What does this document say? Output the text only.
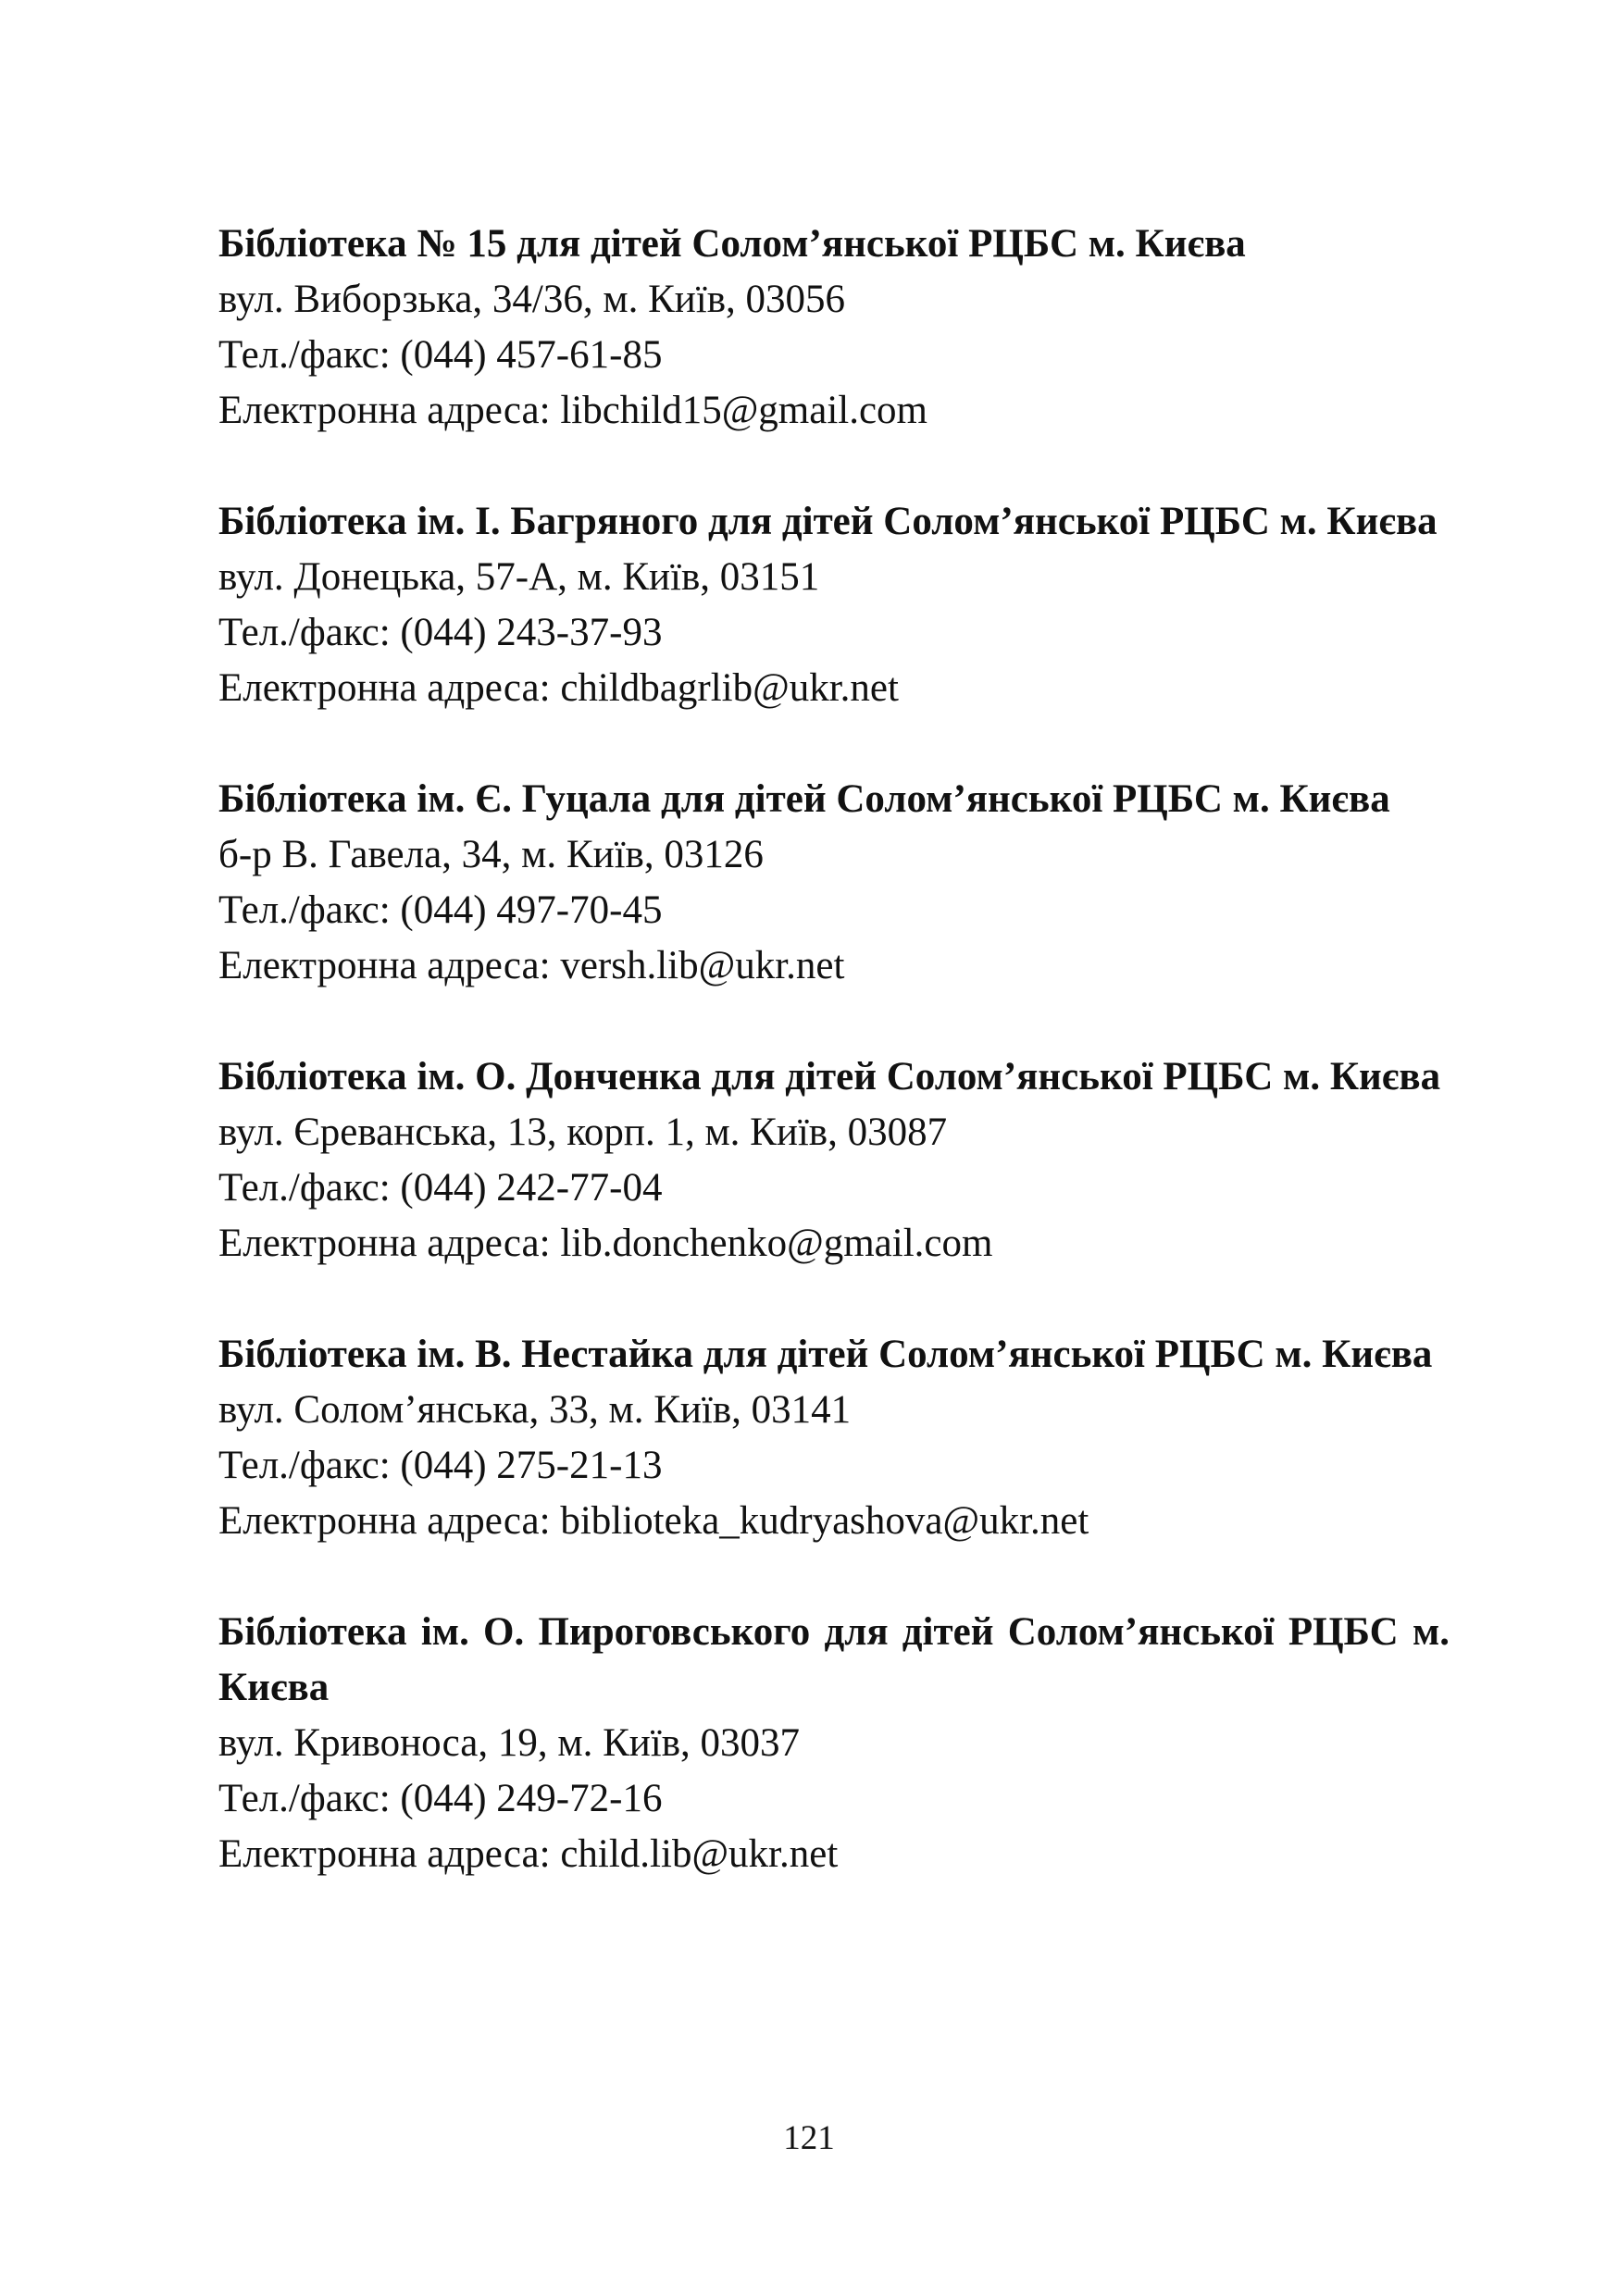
Бібліотека № 15 для дітей Солом’янської РЦБС м. Києва
вул. Виборзька, 34/36, м. Київ, 03056
Тел./факс: (044) 457-61-85
Електронна адреса: libchild15@gmail.com
Бібліотека ім. І. Багряного для дітей Солом’янської РЦБС м. Києва
вул. Донецька, 57-А, м. Київ, 03151
Тел./факс: (044) 243-37-93
Електронна адреса: childbagrlib@ukr.net
Бібліотека ім. Є. Гуцала для дітей Солом’янської РЦБС м. Києва
б-р В. Гавела, 34, м. Київ, 03126
Тел./факс: (044) 497-70-45
Електронна адреса: versh.lib@ukr.net
Бібліотека ім. О. Донченка для дітей Солом’янської РЦБС м. Києва
вул. Єреванська, 13, корп. 1, м. Київ, 03087
Тел./факс: (044) 242-77-04
Електронна адреса: lib.donchenko@gmail.com
Бібліотека ім. В. Нестайка для дітей Солом’янської РЦБС м. Києва
вул. Солом’янська, 33, м. Київ, 03141
Тел./факс: (044) 275-21-13
Електронна адреса: biblioteka_kudryashova@ukr.net
Бібліотека ім. О. Пироговського для дітей Солом’янської РЦБС м. Києва
вул. Кривоноса, 19, м. Київ, 03037
Тел./факс: (044) 249-72-16
Електронна адреса: child.lib@ukr.net
121
